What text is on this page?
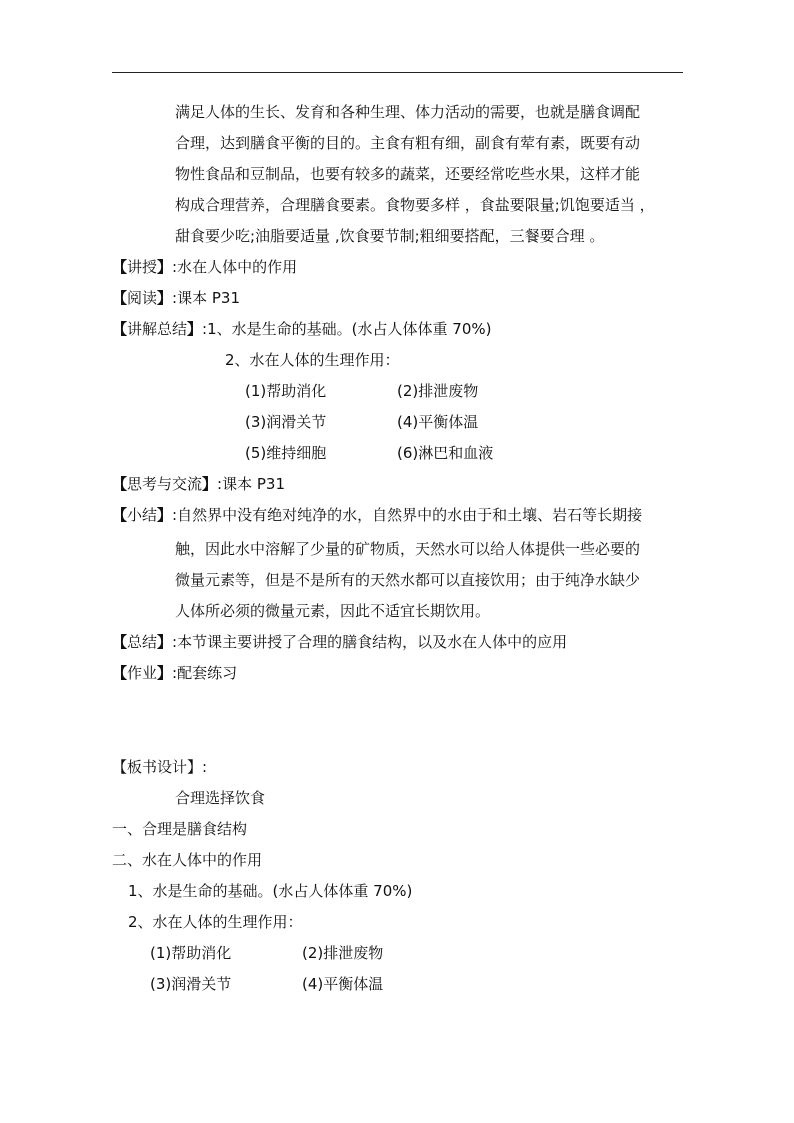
满足人体的生长、发育和各种生理、体力活动的需要，也就是膳食调配
合理，达到膳食平衡的目的。主食有粗有细，副食有荤有素，既要有动
物性食品和豆制品，也要有较多的蔬菜，还要经常吃些水果，这样才能
构成合理营养，合理膳食要素。食物要多样 ，食盐要限量;饥饱要适当 ，
甜食要少吃;油脂要适量 ,饮食要节制;粗细要搭配，三餐要合理 。
【讲授】:水在人体中的作用
【阅读】:课本 P31
【讲解总结】:1、水是生命的基础。(水占人体体重 70%)
2、水在人体的生理作用：
(1)帮助消化	(2)排泄废物
(3)润滑关节	(4)平衡体温
(5)维持细胞	(6)淋巴和血液
【思考与交流】:课本 P31
【小结】:自然界中没有绝对纯净的水，自然界中的水由于和土壤、岩石等长期接
触，因此水中溶解了少量的矿物质，天然水可以给人体提供一些必要的
微量元素等，但是不是所有的天然水都可以直接饮用；由于纯净水缺少
人体所必须的微量元素，因此不适宜长期饮用。
【总结】:本节课主要讲授了合理的膳食结构，以及水在人体中的应用
【作业】:配套练习
【板书设计】:
合理选择饮食
一、合理是膳食结构
二、水在人体中的作用
1、水是生命的基础。(水占人体体重 70%)
2、水在人体的生理作用：
(1)帮助消化	(2)排泄废物
(3)润滑关节	(4)平衡体温
